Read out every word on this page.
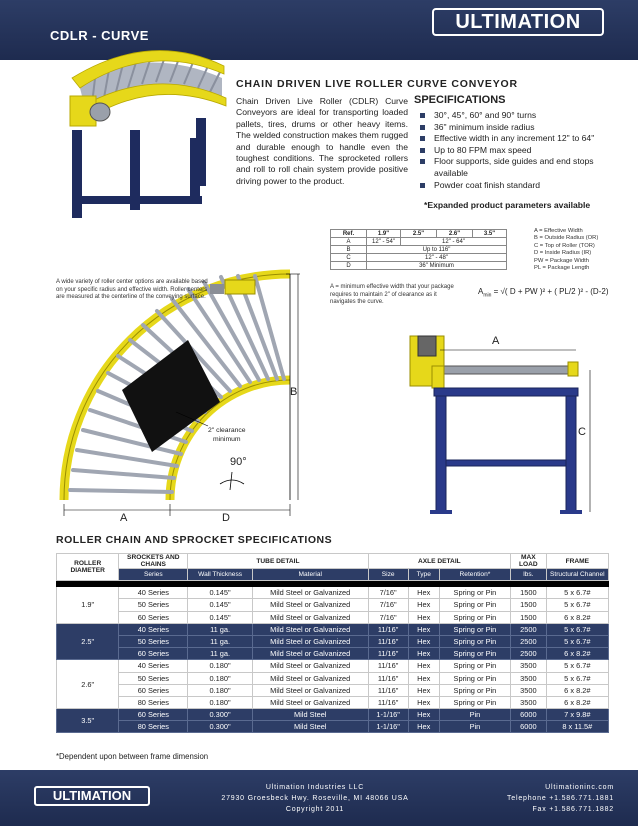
CDLR - CURVE
ULTIMATION
A
B
C
90°
2" clearance
minimum
A	D
CHAIN DRIVEN LIVE ROLLER CURVE CONVEYOR
Chain Driven Live Roller (CDLR) Curve Conveyors are ideal for transporting loaded pallets, tires, drums or other heavy items. The welded construction makes them rugged and durable enough to handle even the toughest conditions. The sprocketed rollers and roll to roll chain system provide positive driving power to the product.
SPECIFICATIONS
30°, 45°, 60° and 90° turns
36" minimum inside radius
Effective width in any increment 12" to 64"
Up to 80 FPM max speed
Floor supports, side guides and end stops available
Powder coat finish standard
*Expanded product parameters available
Ref.	1.9"	2.5"	2.6"	3.5"
A	12" - 54"	12" - 64"		
B	Up to 116"			
C	12" - 48"			
D	36" Minimum			
A = Effective Width
B = Outside Radius (OR)
C = Top of Roller (TOR)
D = Inside Radius (IR)
PW = Package Width
PL = Package Length
A wide variety of roller center options are available based on your specific radius and effective width. Roller centers are measured at the centerline of the conveying surface.
A = minimum effective width that your package requires to maintain 2" of clearance as it navigates the curve.
$A_{min}$ = √( D + PW )² + ( PL/2 )² - (D-2)
ROLLER CHAIN AND SPROCKET SPECIFICATIONS
ROLLER DIAMETER	SROCKETS AND CHAINS	TUBE DETAIL		AXLE DETAIL			MAX LOAD	FRAME
	Series	Wall Thickness	Material	Size	Type	Retention*	lbs.	Structural Channel

1.9"	40 Series	0.145"	Mild Steel or Galvanized	7/16"	Hex	Spring or Pin	1500	5 x 6.7#
	50 Series	0.145"	Mild Steel or Galvanized	7/16"	Hex	Spring or Pin	1500	5 x 6.7#
	60 Series	0.145"	Mild Steel or Galvanized	7/16"	Hex	Spring or Pin	1500	6 x 8.2#
2.5"	40 Series	11 ga.	Mild Steel or Galvanized	11/16"	Hex	Spring or Pin	2500	5 x 6.7#
	50 Series	11 ga.	Mild Steel or Galvanized	11/16"	Hex	Spring or Pin	2500	5 x 6.7#
	60 Series	11 ga.	Mild Steel or Galvanized	11/16"	Hex	Spring or Pin	2500	6 x 8.2#
2.6"	40 Series	0.180"	Mild Steel or Galvanized	11/16"	Hex	Spring or Pin	3500	5 x 6.7#
	50 Series	0.180"	Mild Steel or Galvanized	11/16"	Hex	Spring or Pin	3500	5 x 6.7#
	60 Series	0.180"	Mild Steel or Galvanized	11/16"	Hex	Spring or Pin	3500	6 x 8.2#
	80 Series	0.180"	Mild Steel or Galvanized	11/16"	Hex	Spring or Pin	3500	6 x 8.2#
3.5"	60 Series	0.300"	Mild Steel	1-1/16"	Hex	Pin	6000	7 x 9.8#
	80 Series	0.300"	Mild Steel	1-1/16"	Hex	Pin	6000	8 x 11.5#
*Dependent upon between frame dimension
Ultimation Industries LLC
27930 Groesbeck Hwy. Roseville, MI 48066 USA
Copyright 2011
Ultimationinc.com
Telephone +1.586.771.1881
Fax +1.586.771.1882
ULTIMATION
